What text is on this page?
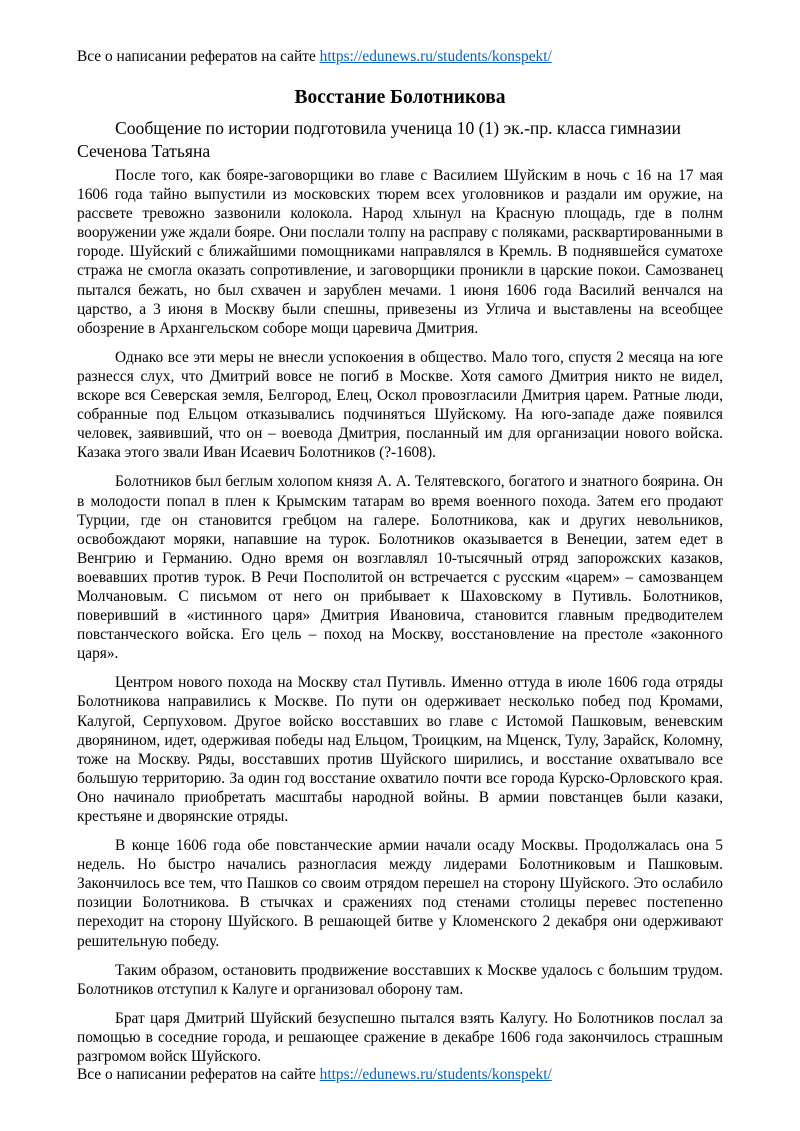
Все о написании рефератов на сайте https://edunews.ru/students/konspekt/
Восстание Болотникова
Сообщение по истории подготовила ученица 10 (1) эк.-пр. класса гимназии Сеченова Татьяна

После того, как бояре-заговорщики во главе с Василием Шуйским в ночь с 16 на 17 мая 1606 года тайно выпустили из московских тюрем всех уголовников и раздали им оружие, на рассвете тревожно зазвонили колокола. Народ хлынул на Красную площадь, где в полнм вооружении уже ждали бояре. Они послали толпу на расправу с поляками, расквартированными в городе. Шуйский с ближайшими помощниками направлялся в Кремль. В поднявшейся суматохе стража не смогла оказать сопротивление, и заговорщики проникли в царские покои. Самозванец пытался бежать, но был схвачен и зарублен мечами. 1 июня 1606 года Василий венчался на царство, а 3 июня в Москву были спешны, привезены из Углича и выставлены на всеобщее обозрение в Архангельском соборе мощи царевича Дмитрия.

Однако все эти меры не внесли успокоения в общество. Мало того, спустя 2 месяца на юге разнесся слух, что Дмитрий вовсе не погиб в Москве. Хотя самого Дмитрия никто не видел, вскоре вся Северская земля, Белгород, Елец, Оскол провозгласили Дмитрия царем. Ратные люди, собранные под Ельцом отказывались подчиняться Шуйскому. На юго-западе даже появился человек, заявивший, что он – воевода Дмитрия, посланный им для организации нового войска. Казака этого звали Иван Исаевич Болотников (?-1608).

Болотников был беглым холопом князя А. А. Телятевского, богатого и знатного боярина. Он в молодости попал в плен к Крымским татарам во время военного похода. Затем его продают Турции, где он становится гребцом на галере. Болотникова, как и других невольников, освобождают моряки, напавшие на турок. Болотников оказывается в Венеции, затем едет в Венгрию и Германию. Одно время он возглавлял 10-тысячный отряд запорожских казаков, воевавших против турок. В Речи Посполитой он встречается с русским «царем» – самозванцем Молчановым. С письмом от него он прибывает к Шаховскому в Путивль. Болотников, поверивший в «истинного царя» Дмитрия Ивановича, становится главным предводителем повстанческого войска. Его цель – поход на Москву, восстановление на престоле «законного царя».

Центром нового похода на Москву стал Путивль. Именно оттуда в июле 1606 года отряды Болотникова направились к Москве. По пути он одерживает несколько побед под Кромами, Калугой, Серпуховом. Другое войско восставших во главе с Истомой Пашковым, веневским дворянином, идет, одерживая победы над Ельцом, Троицким, на Мценск, Тулу, Зарайск, Коломну, тоже на Москву. Ряды, восставших против Шуйского ширились, и восстание охватывало все большую территорию. За один год восстание охватило почти все города Курско-Орловского края. Оно начинало приобретать масштабы народной войны. В армии повстанцев были казаки, крестьяне и дворянские отряды.

В конце 1606 года обе повстанческие армии начали осаду Москвы. Продолжалась она 5 недель. Но быстро начались разногласия между лидерами Болотниковым и Пашковым. Закончилось все тем, что Пашков со своим отрядом перешел на сторону Шуйского. Это ослабило позиции Болотникова. В стычках и сражениях под стенами столицы перевес постепенно переходит на сторону Шуйского. В решающей битве у Кломенского 2 декабря они одерживают решительную победу.

Таким образом, остановить продвижение восставших к Москве удалось с большим трудом. Болотников отступил к Калуге и организовал оборону там.

Брат царя Дмитрий Шуйский безуспешно пытался взять Калугу. Но Болотников послал за помощью в соседние города, и решающее сражение в декабре 1606 года закончилось страшным разгромом войск Шуйского.

Все о написании рефератов на сайте https://edunews.ru/students/konspekt/
